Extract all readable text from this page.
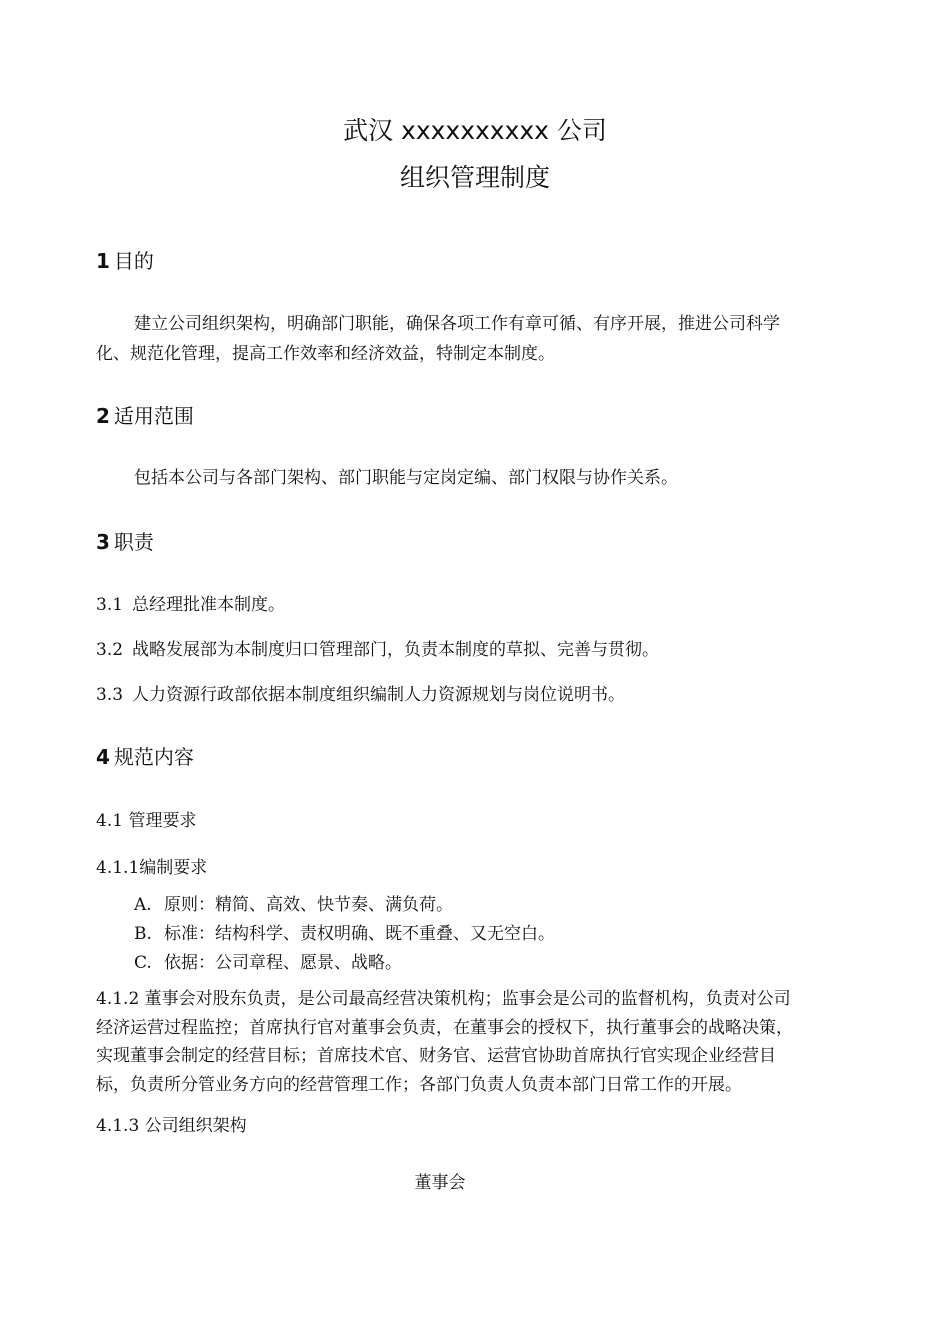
武汉 xxxxxxxxxx 公司
组织管理制度
1 目的
建立公司组织架构，明确部门职能，确保各项工作有章可循、有序开展，推进公司科学
化、规范化管理，提高工作效率和经济效益，特制定本制度。
2 适用范围
包括本公司与各部门架构、部门职能与定岗定编、部门权限与协作关系。
3 职责
3.1 总经理批准本制度。
3.2 战略发展部为本制度归口管理部门，负责本制度的草拟、完善与贯彻。
3.3 人力资源行政部依据本制度组织编制人力资源规划与岗位说明书。
4 规范内容
4.1 管理要求
4.1.1编制要求
A. 原则：精简、高效、快节奏、满负荷。
B. 标准：结构科学、责权明确、既不重叠、又无空白。
C. 依据：公司章程、愿景、战略。
4.1.2 董事会对股东负责，是公司最高经营决策机构；监事会是公司的监督机构，负责对公司
经济运营过程监控；首席执行官对董事会负责，在董事会的授权下，执行董事会的战略决策，
实现董事会制定的经营目标；首席技术官、财务官、运营官协助首席执行官实现企业经营目
标，负责所分管业务方向的经营管理工作；各部门负责人负责本部门日常工作的开展。
4.1.3 公司组织架构
董事会
